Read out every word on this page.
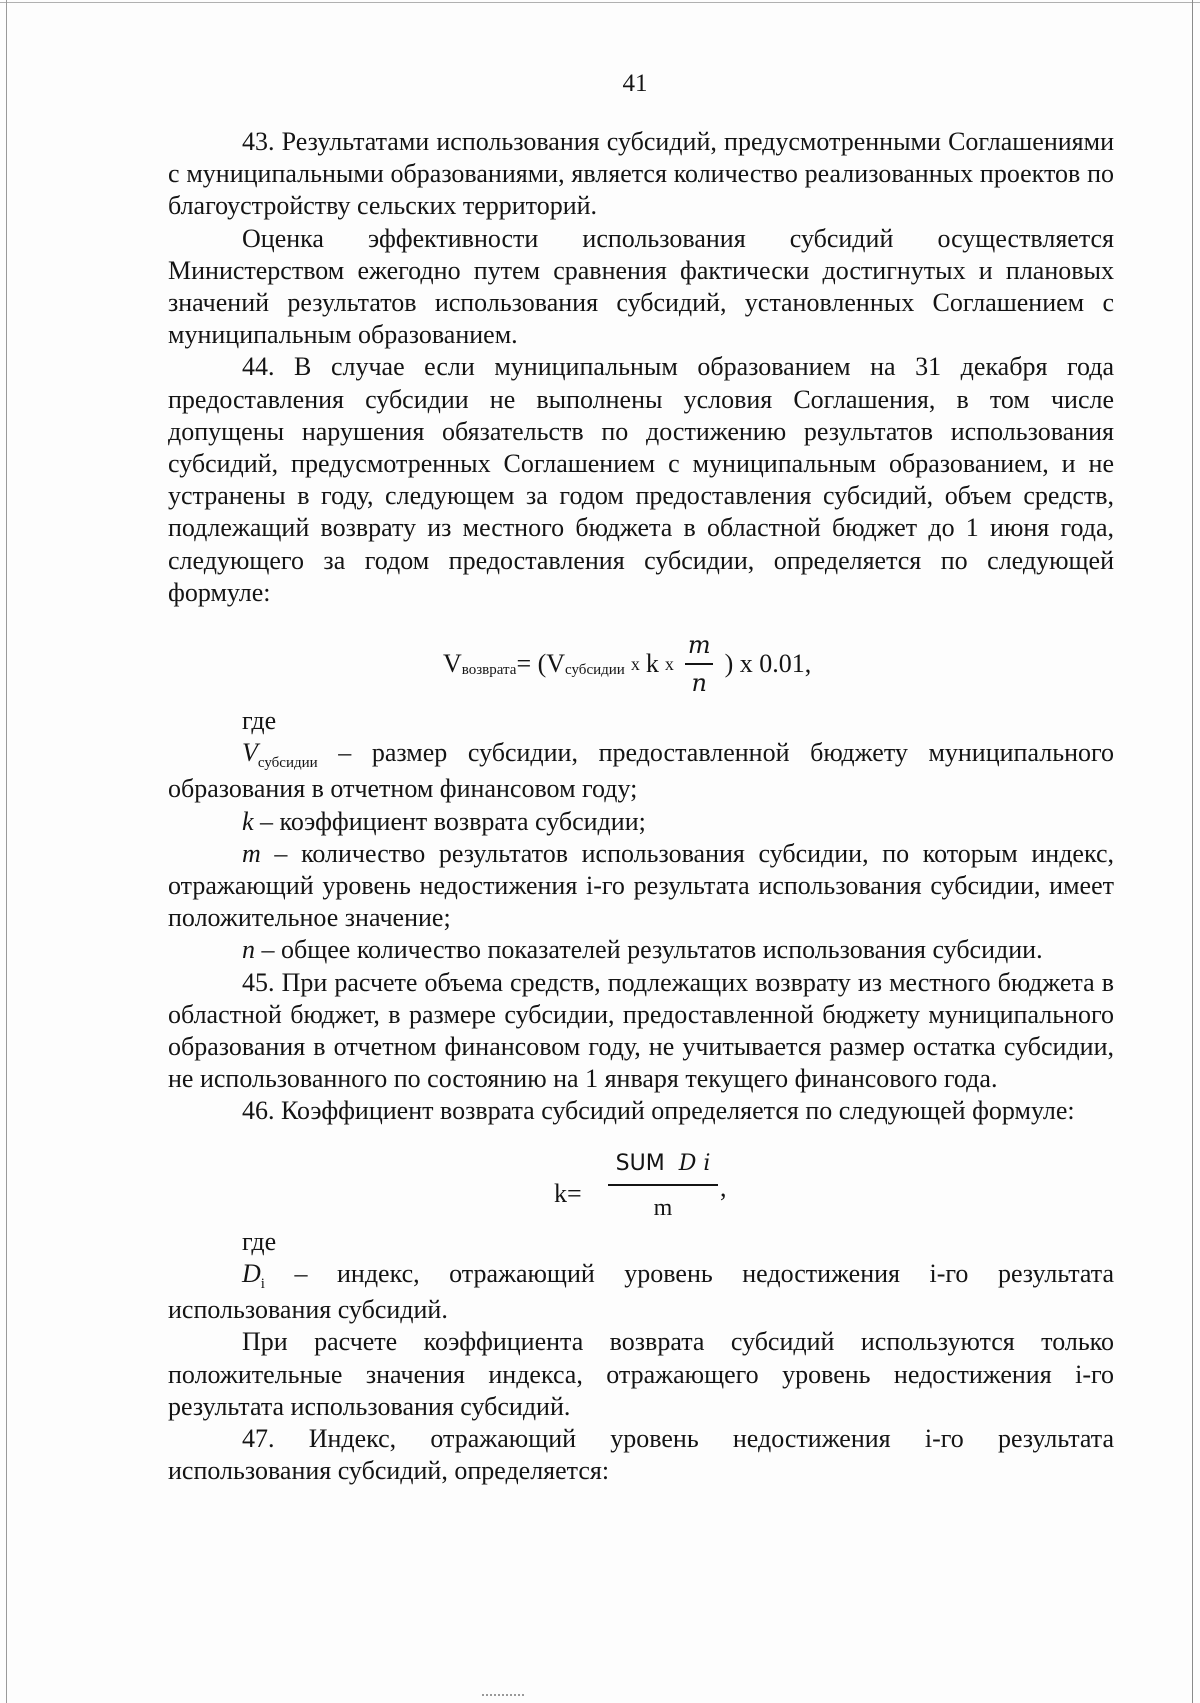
41

43. Результатами использования субсидий, предусмотренными Соглашениями с муниципальными образованиями, является количество реализованных проектов по благоустройству сельских территорий.

Оценка эффективности использования субсидий осуществляется Министерством ежегодно путем сравнения фактически достигнутых и плановых значений результатов использования субсидий, установленных Соглашением с муниципальным образованием.

44. В случае если муниципальным образованием на 31 декабря года предоставления субсидии не выполнены условия Соглашения, в том числе допущены нарушения обязательств по достижению результатов использования субсидий, предусмотренных Соглашением с муниципальным образованием, и не устранены в году, следующем за годом предоставления субсидий, объем средств, подлежащий возврату из местного бюджета в областной бюджет до 1 июня года, следующего за годом предоставления субсидии, определяется по следующей формуле:

V возврата = (V субсидии x k x $\frac{m}{n}$ ) x 0.01,

где

$V_{субсидии}$ – размер субсидии, предоставленной бюджету муниципального образования в отчетном финансовом году;

k – коэффициент возврата субсидии;

m – количество результатов использования субсидии, по которым индекс, отражающий уровень недостижения i-го результата использования субсидии, имеет положительное значение;

n – общее количество показателей результатов использования субсидии.

45. При расчете объема средств, подлежащих возврату из местного бюджета в областной бюджет, в размере субсидии, предоставленной бюджету муниципального образования в отчетном финансовом году, не учитывается размер остатка субсидии, не использованного по состоянию на 1 января текущего финансового года.

46. Коэффициент возврата субсидий определяется по следующей формуле:

k=
SUM D i
m
,

где

$D_i$ – индекс, отражающий уровень недостижения i-го результата использования субсидий.

При расчете коэффициента возврата субсидий используются только положительные значения индекса, отражающего уровень недостижения i-го результата использования субсидий.

47. Индекс, отражающий уровень недостижения i-го результата использования субсидий, определяется:
